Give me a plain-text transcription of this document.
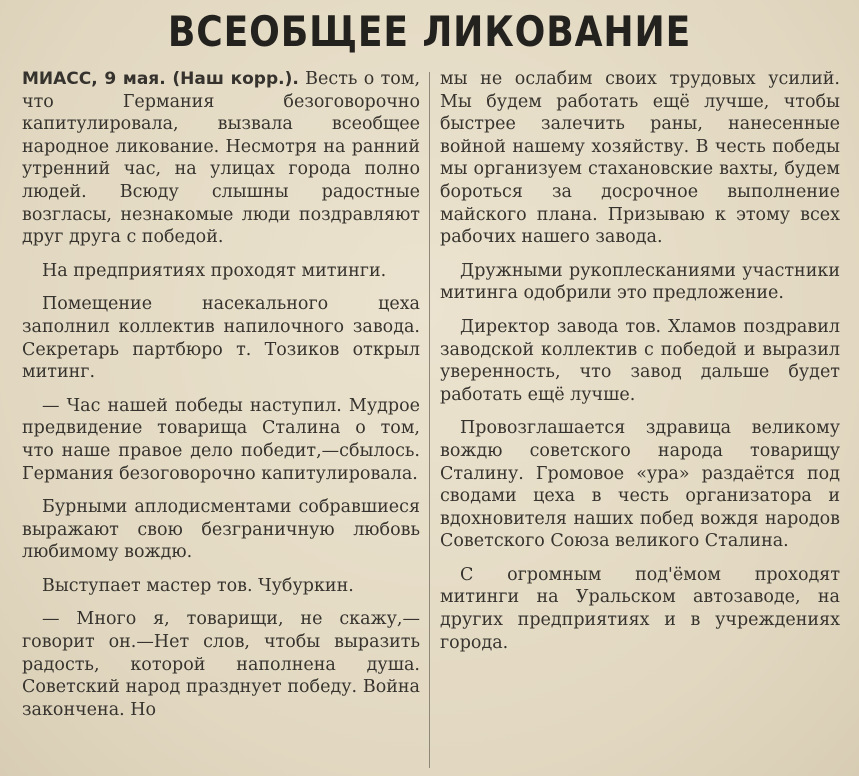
ВСЕОБЩЕЕ ЛИКОВАНИЕ

МИАСС, 9 мая. (Наш корр.). Весть о том, что Германия безоговорочно капитулировала, вызвала всеобщее народное ликование. Несмотря на ранний утренний час, на улицах города полно людей. Всюду слышны радостные возгласы, незнакомые люди поздравляют друг друга с победой.

На предприятиях проходят митинги.

Помещение насекального цеха заполнил коллектив напилочного завода. Секретарь партбюро т. Тозиков открыл митинг.

— Час нашей победы наступил. Мудрое предвидение товарища Сталина о том, что наше правое дело победит,—сбылось. Германия безоговорочно капитулировала.

Бурными аплодисментами собравшиеся выражают свою безграничную любовь любимому вождю.

Выступает мастер тов. Чубуркин.

— Много я, товарищи, не скажу,—говорит он.—Нет слов, чтобы выразить радость, которой наполнена душа. Советский народ празднует победу. Война закончена. Но

мы не ослабим своих трудовых усилий. Мы будем работать ещё лучше, чтобы быстрее залечить раны, нанесенные войной нашему хозяйству. В честь победы мы организуем стахановские вахты, будем бороться за досрочное выполнение майского плана. Призываю к этому всех рабочих нашего завода.

Дружными рукоплесканиями участники митинга одобрили это предложение.

Директор завода тов. Хламов поздравил заводской коллектив с победой и выразил уверенность, что завод дальше будет работать ещё лучше.

Провозглашается здравица великому вождю советского народа товарищу Сталину. Громовое «ура» раздаётся под сводами цеха в честь организатора и вдохновителя наших побед вождя народов Советского Союза великого Сталина.

С огромным под'ёмом проходят митинги на Уральском автозаводе, на других предприятиях и в учреждениях города.
